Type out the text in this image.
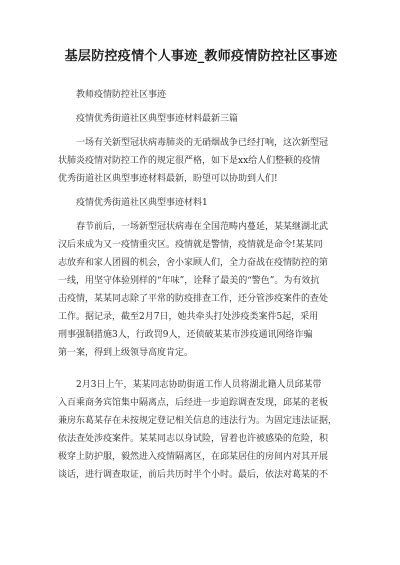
基层防控疫情个人事迹_教师疫情防控社区事迹

教师疫情防控社区事迹

疫情优秀街道社区典型事迹材料最新三篇

一场有关新型冠状病毒肺炎的无硝烟战争已经打响，这次新型冠

状肺炎疫情对防控工作的规定很严格，如下是xx给人们整顿的疫情

优秀街道社区典型事迹材料最新，盼望可以协助到人们!

疫情优秀街道社区典型事迹材料1

春节前后，一场新型冠状病毒在全国范畴内蔓延，某某继湖北武

汉后来成为又一疫情重灾区。疫情就是警情，疫情就是命令!某某同

志放弃和家人团圆的机会，舍小家顾人们，全力奋战在疫情防控的第

一线，用坚守体验别样的“年味”，诠释了最美的“警色”。为有效抗

击疫情，某某同志除了平常的防疫排查工作，还分管涉疫案件的查处

工作。据记录，截至2月7日，她共牵头打处涉疫类案件5起，采用

刑事强制措施3人，行政罚9人，还侦破某某市涉疫通讯网络诈骗

第一案，得到上级领导高度肯定。

2月3日上午，某某同志协助街道工作人员将湖北籍人员邱某带

入百乘商务宾馆集中隔离点，后经进一步追踪调查发现，邱某的老板

兼房东葛某存在未按规定登记相关信息的违法行为。为固定违法证据，

依法查处涉疫案件。某某同志以身试险，冒着也许被感染的危险，积

极穿上防护服，毅然进入疫情隔离区，在邱某居住的房间内对其开展

谈话，进行调查取证，前后共历时半个小时。最后，依法对葛某的不
